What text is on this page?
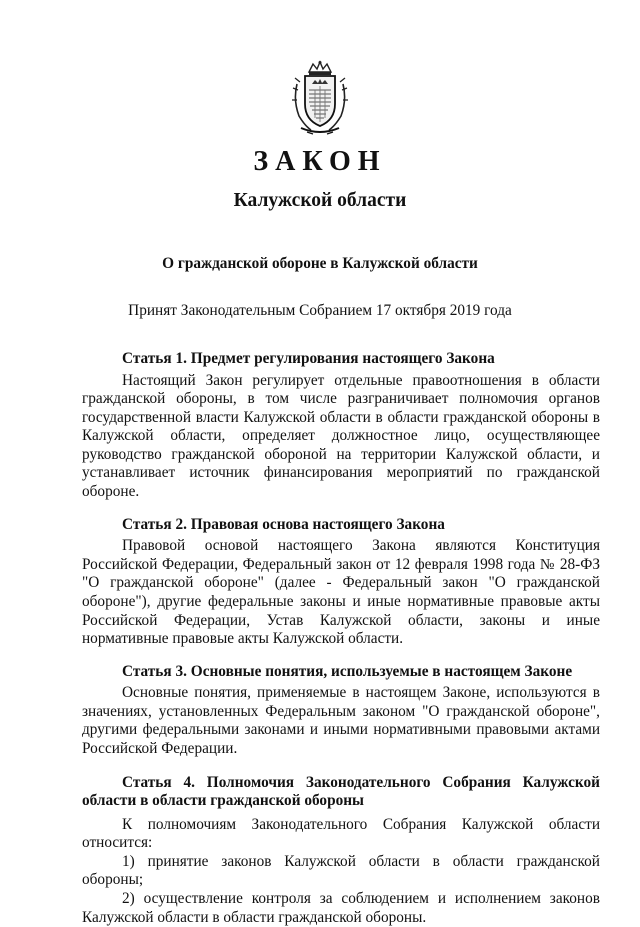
ЗАКОН
Калужской области

О гражданской обороне в Калужской области

Принят Законодательным Собранием 17 октября 2019 года

Статья 1. Предмет регулирования настоящего Закона

Настоящий Закон регулирует отдельные правоотношения в области гражданской обороны, в том числе разграничивает полномочия органов государственной власти Калужской области в области гражданской обороны в Калужской области, определяет должностное лицо, осуществляющее руководство гражданской обороной на территории Калужской области, и устанавливает источник финансирования мероприятий по гражданской обороне.

Статья 2. Правовая основа настоящего Закона

Правовой основой настоящего Закона являются Конституция Российской Федерации, Федеральный закон от 12 февраля 1998 года № 28-ФЗ "О гражданской обороне" (далее - Федеральный закон "О гражданской обороне"), другие федеральные законы и иные нормативные правовые акты Российской Федерации, Устав Калужской области, законы и иные нормативные правовые акты Калужской области.

Статья 3. Основные понятия, используемые в настоящем Законе

Основные понятия, применяемые в настоящем Законе, используются в значениях, установленных Федеральным законом "О гражданской обороне", другими федеральными законами и иными нормативными правовыми актами Российской Федерации.

Статья 4. Полномочия Законодательного Собрания Калужской области в области гражданской обороны

К полномочиям Законодательного Собрания Калужской области относится:

1) принятие законов Калужской области в области гражданской обороны;

2) осуществление контроля за соблюдением и исполнением законов Калужской области в области гражданской обороны.
